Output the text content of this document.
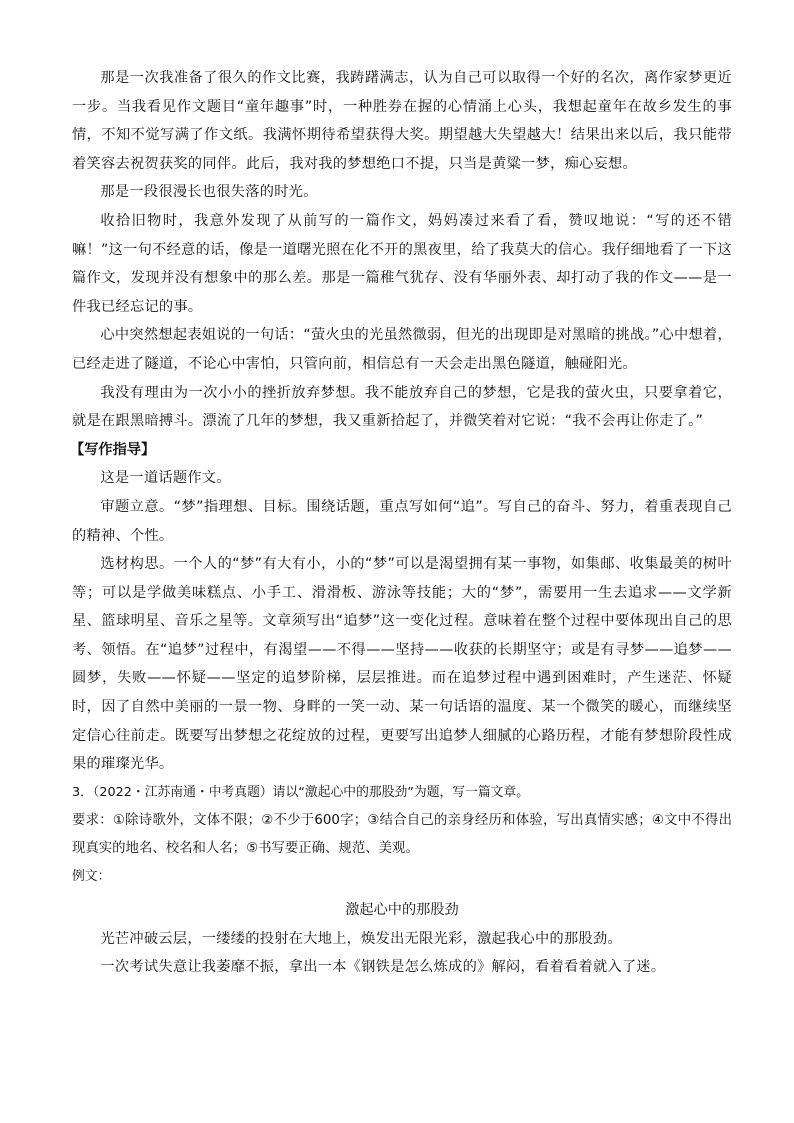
那是一次我准备了很久的作文比赛，我踌躇满志，认为自己可以取得一个好的名次，离作家梦更近一步。当我看见作文题目“童年趣事”时，一种胜券在握的心情涌上心头，我想起童年在故乡发生的事情，不知不觉写满了作文纸。我满怀期待希望获得大奖。期望越大失望越大！结果出来以后，我只能带着笑容去祝贺获奖的同伴。此后，我对我的梦想绝口不提，只当是黄粱一梦，痴心妄想。

那是一段很漫长也很失落的时光。

收拾旧物时，我意外发现了从前写的一篇作文，妈妈凑过来看了看，赞叹地说：“写的还不错嘛！”这一句不经意的话，像是一道曙光照在化不开的黑夜里，给了我莫大的信心。我仔细地看了一下这篇作文，发现并没有想象中的那么差。那是一篇稚气犹存、没有华丽外表、却打动了我的作文——是一件我已经忘记的事。

心中突然想起表姐说的一句话：“萤火虫的光虽然微弱，但光的出现即是对黑暗的挑战。”心中想着，已经走进了隧道，不论心中害怕，只管向前，相信总有一天会走出黑色隧道，触碰阳光。

我没有理由为一次小小的挫折放弃梦想。我不能放弃自己的梦想，它是我的萤火虫，只要拿着它，就是在跟黑暗搏斗。漂流了几年的梦想，我又重新拾起了，并微笑着对它说：“我不会再让你走了。”

【写作指导】

这是一道话题作文。

审题立意。“梦”指理想、目标。围绕话题，重点写如何“追”。写自己的奋斗、努力，着重表现自己的精神、个性。

选材构思。一个人的“梦”有大有小，小的“梦”可以是渴望拥有某一事物，如集邮、收集最美的树叶等；可以是学做美味糕点、小手工、滑滑板、游泳等技能；大的“梦”，需要用一生去追求——文学新星、篮球明星、音乐之星等。文章须写出“追梦”这一变化过程。意味着在整个过程中要体现出自己的思考、领悟。在“追梦”过程中，有渴望——不得——坚持——收获的长期坚守；或是有寻梦——追梦——圆梦，失败——怀疑——坚定的追梦阶梯，层层推进。而在追梦过程中遇到困难时，产生迷茫、怀疑时，因了自然中美丽的一景一物、身畔的一笑一动、某一句话语的温度、某一个微笑的暖心，而继续坚定信心往前走。既要写出梦想之花绽放的过程，更要写出追梦人细腻的心路历程，才能有梦想阶段性成果的璀璨光华。

3．（2022・江苏南通・中考真题）请以“激起心中的那股劲”为题，写一篇文章。

要求：①除诗歌外，文体不限；②不少于600字；③结合自己的亲身经历和体验，写出真情实感；④文中不得出现真实的地名、校名和人名；⑤书写要正确、规范、美观。

例文：

激起心中的那股劲

光芒冲破云层，一缕缕的投射在大地上，焕发出无限光彩，激起我心中的那股劲。

一次考试失意让我萎靡不振，拿出一本《钢铁是怎么炼成的》解闷，看着看着就入了迷。
